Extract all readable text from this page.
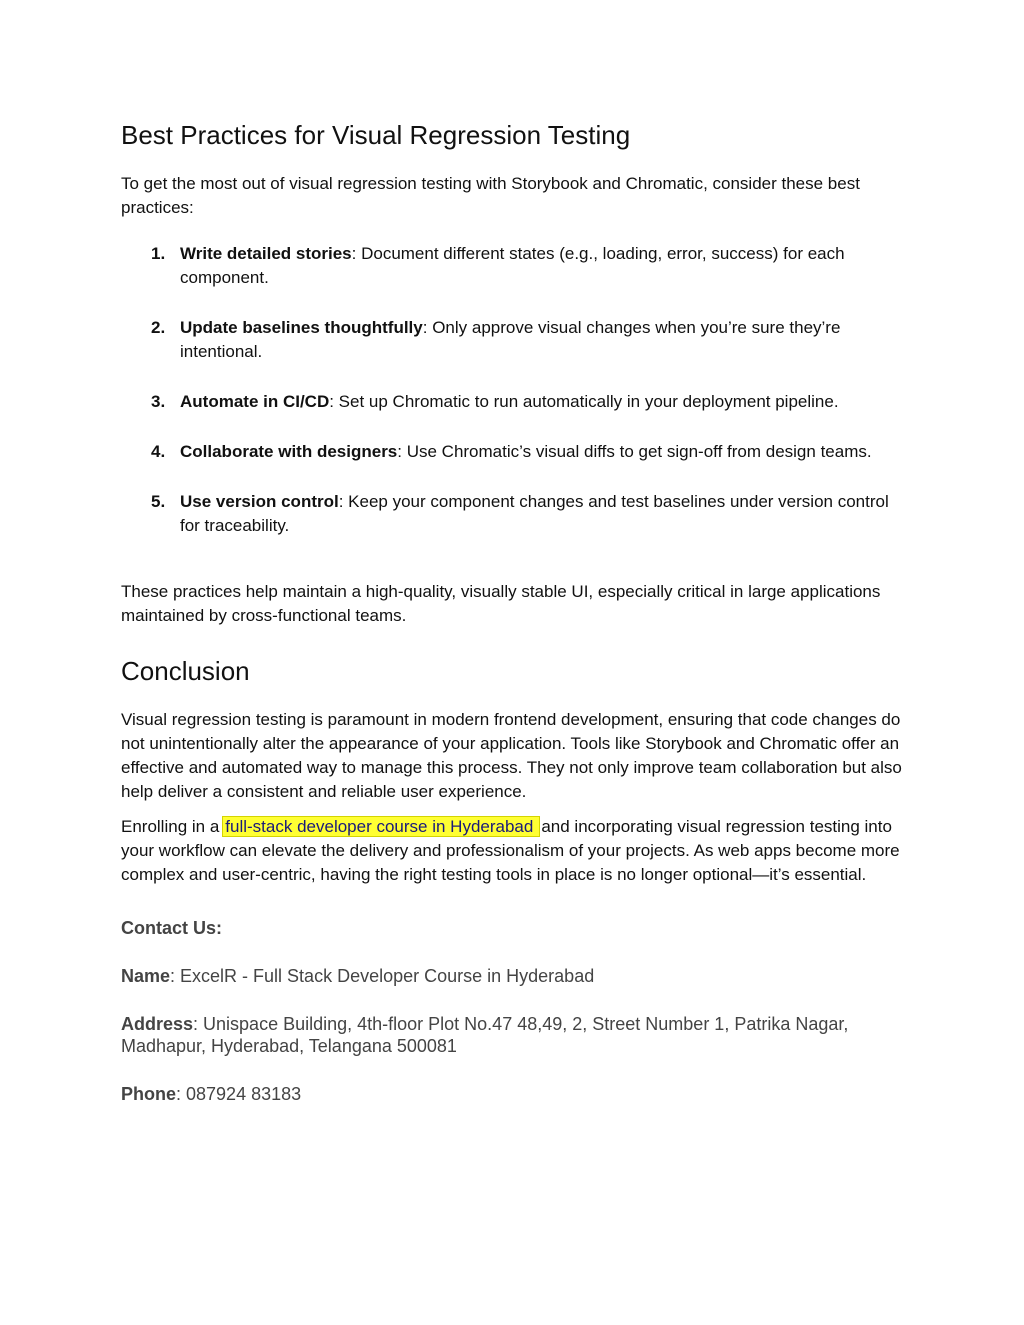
Best Practices for Visual Regression Testing

To get the most out of visual regression testing with Storybook and Chromatic, consider these best practices:

1. Write detailed stories: Document different states (e.g., loading, error, success) for each component.
2. Update baselines thoughtfully: Only approve visual changes when you’re sure they’re intentional.
3. Automate in CI/CD: Set up Chromatic to run automatically in your deployment pipeline.
4. Collaborate with designers: Use Chromatic’s visual diffs to get sign-off from design teams.
5. Use version control: Keep your component changes and test baselines under version control for traceability.

These practices help maintain a high-quality, visually stable UI, especially critical in large applications maintained by cross-functional teams.

Conclusion

Visual regression testing is paramount in modern frontend development, ensuring that code changes do not unintentionally alter the appearance of your application. Tools like Storybook and Chromatic offer an effective and automated way to manage this process. They not only improve team collaboration but also help deliver a consistent and reliable user experience.

Enrolling in a full-stack developer course in Hyderabad and incorporating visual regression testing into your workflow can elevate the delivery and professionalism of your projects. As web apps become more complex and user-centric, having the right testing tools in place is no longer optional—it’s essential.

Contact Us:
Name: ExcelR - Full Stack Developer Course in Hyderabad
Address: Unispace Building, 4th-floor Plot No.47 48,49, 2, Street Number 1, Patrika Nagar, Madhapur, Hyderabad, Telangana 500081
Phone: 087924 83183
